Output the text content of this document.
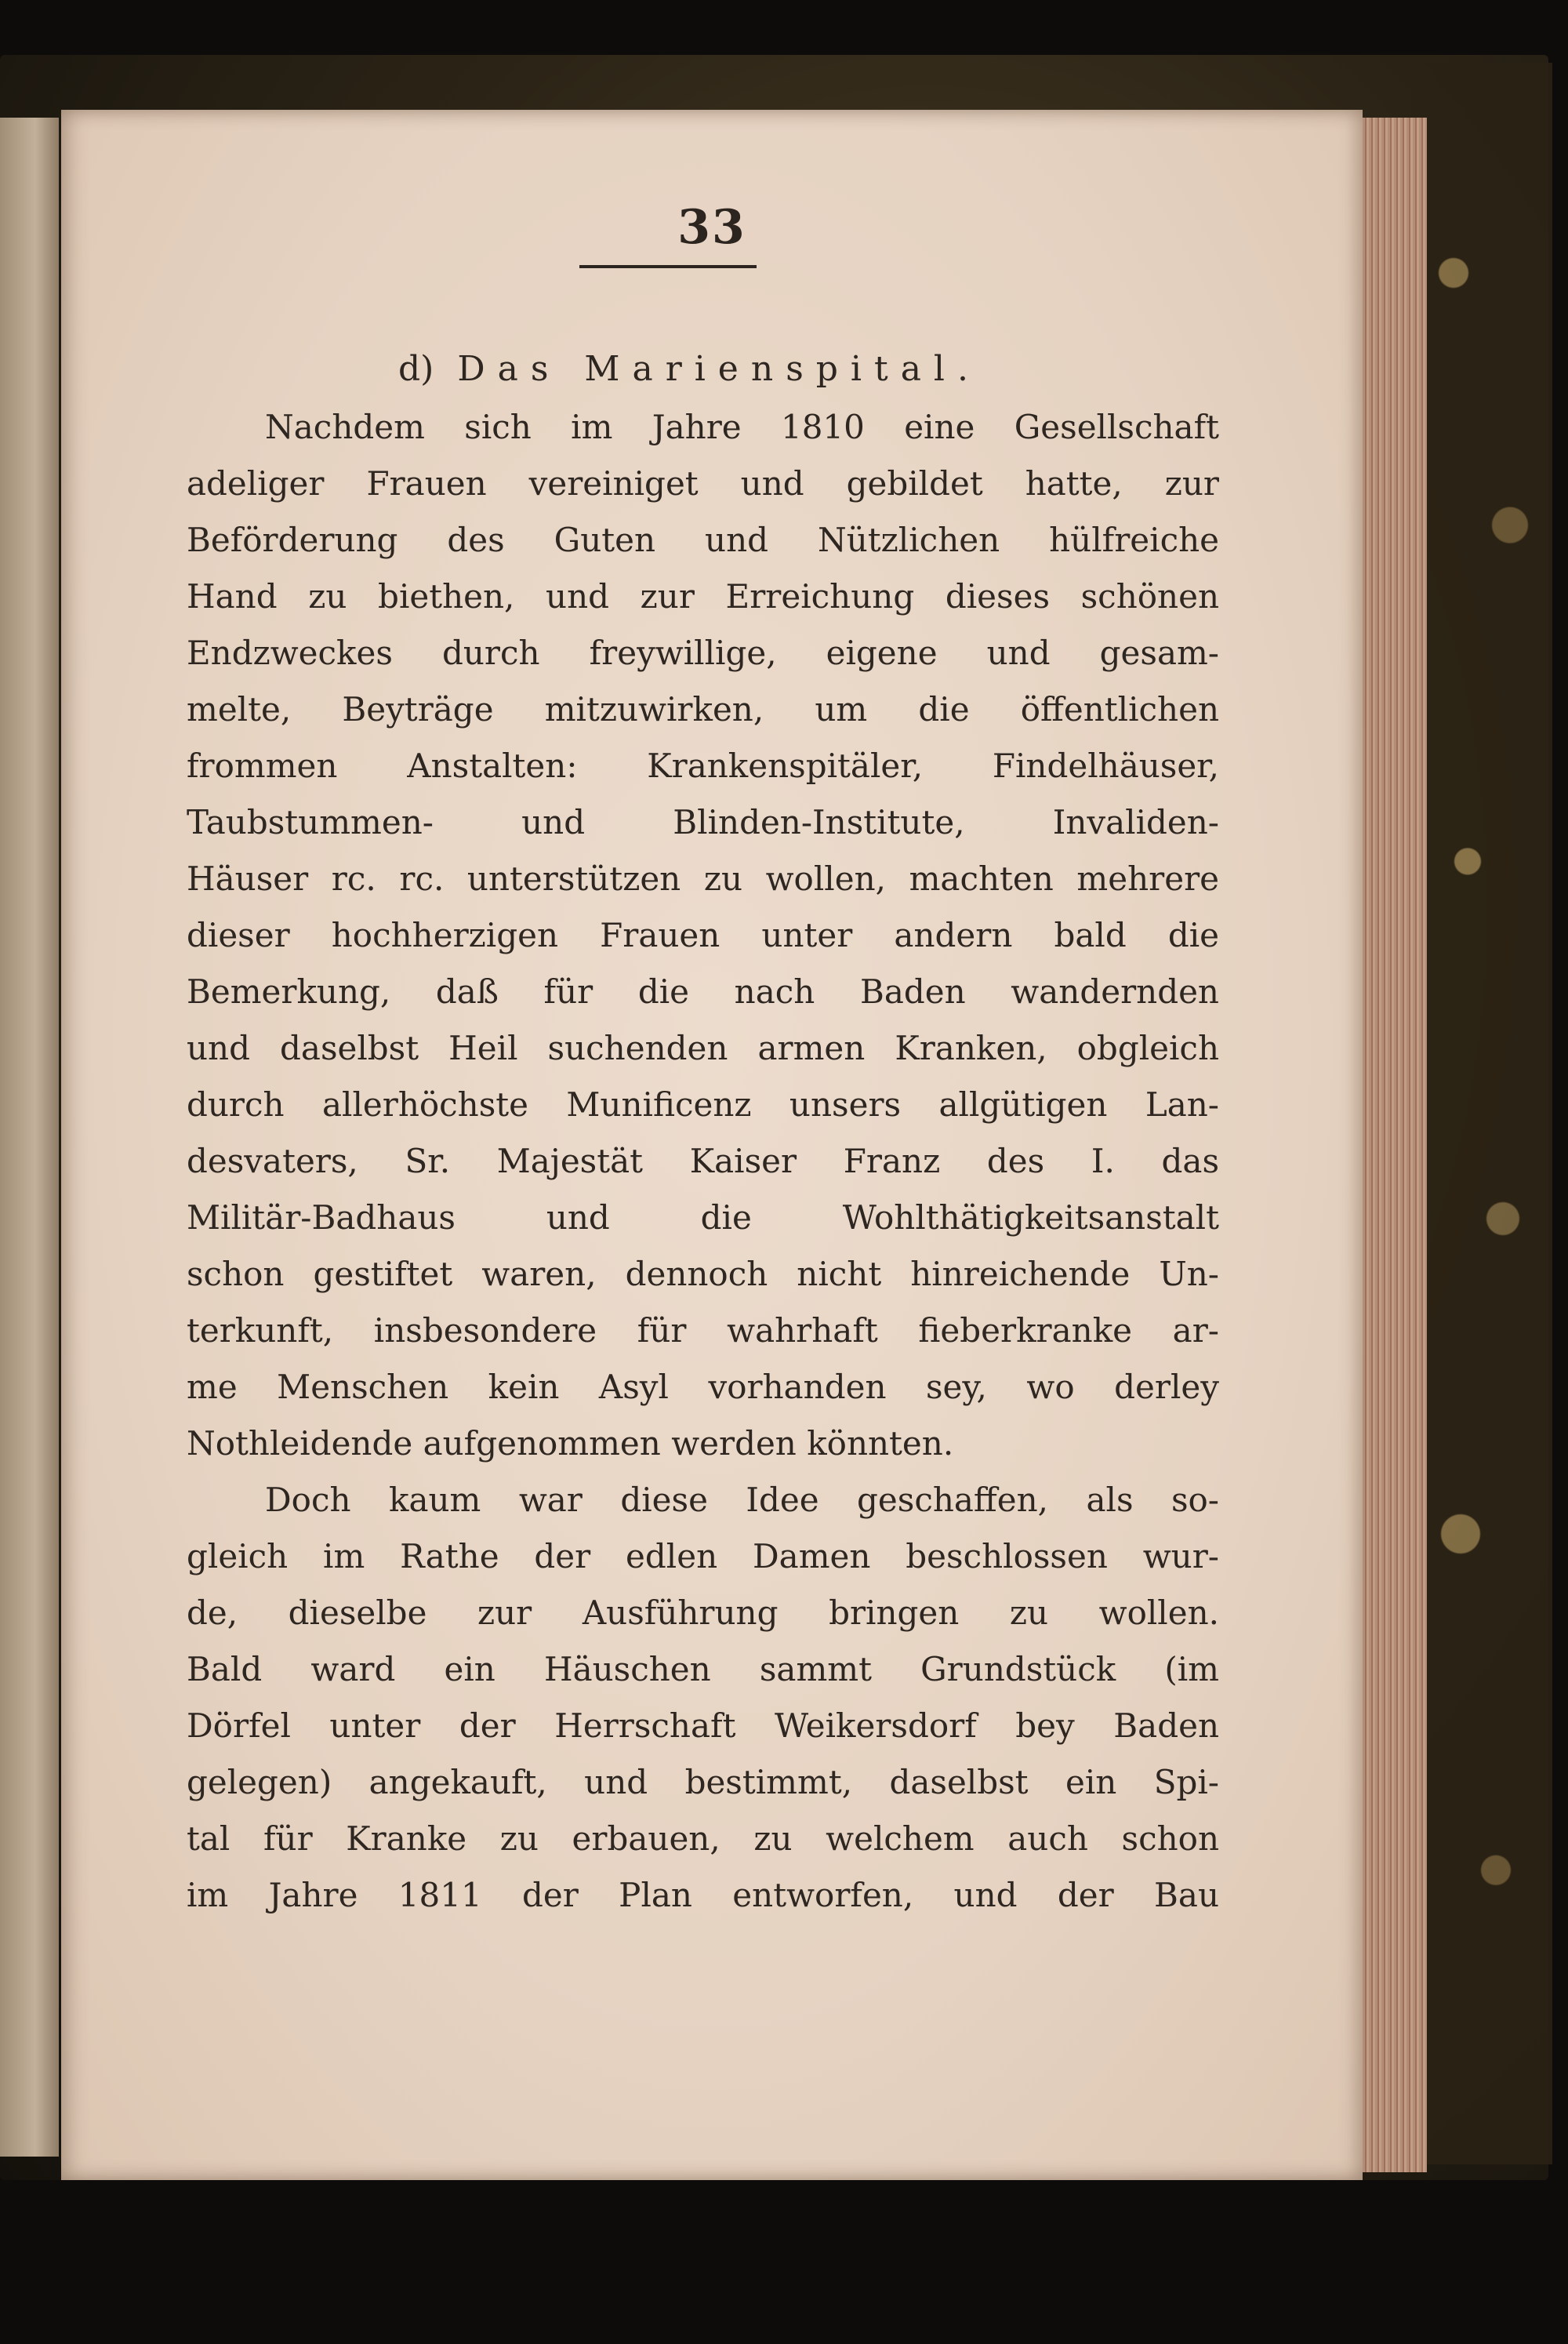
33
d) Das Marienspital.
Nachdem sich im Jahre 1810 eine Gesellschaft
adeliger Frauen vereiniget und gebildet hatte, zur
Beförderung des Guten und Nützlichen hülfreiche
Hand zu biethen, und zur Erreichung dieses schönen
Endzweckes durch freywillige, eigene und gesam-
melte, Beyträge mitzuwirken, um die öffentlichen
frommen Anstalten: Krankenspitäler, Findelhäuser,
Taubstummen- und Blinden-Institute, Invaliden-
Häuser rc. rc. unterstützen zu wollen, machten mehrere
dieser hochherzigen Frauen unter andern bald die
Bemerkung, daß für die nach Baden wandernden
und daselbst Heil suchenden armen Kranken, obgleich
durch allerhöchste Munificenz unsers allgütigen Lan-
desvaters, Sr. Majestät Kaiser Franz des I. das
Militär-Badhaus und die Wohlthätigkeitsanstalt
schon gestiftet waren, dennoch nicht hinreichende Un-
terkunft, insbesondere für wahrhaft fieberkranke ar-
me Menschen kein Asyl vorhanden sey, wo derley
Nothleidende aufgenommen werden könnten.
Doch kaum war diese Idee geschaffen, als so-
gleich im Rathe der edlen Damen beschlossen wur-
de, dieselbe zur Ausführung bringen zu wollen.
Bald ward ein Häuschen sammt Grundstück (im
Dörfel unter der Herrschaft Weikersdorf bey Baden
gelegen) angekauft, und bestimmt, daselbst ein Spi-
tal für Kranke zu erbauen, zu welchem auch schon
im Jahre 1811 der Plan entworfen, und der Bau
